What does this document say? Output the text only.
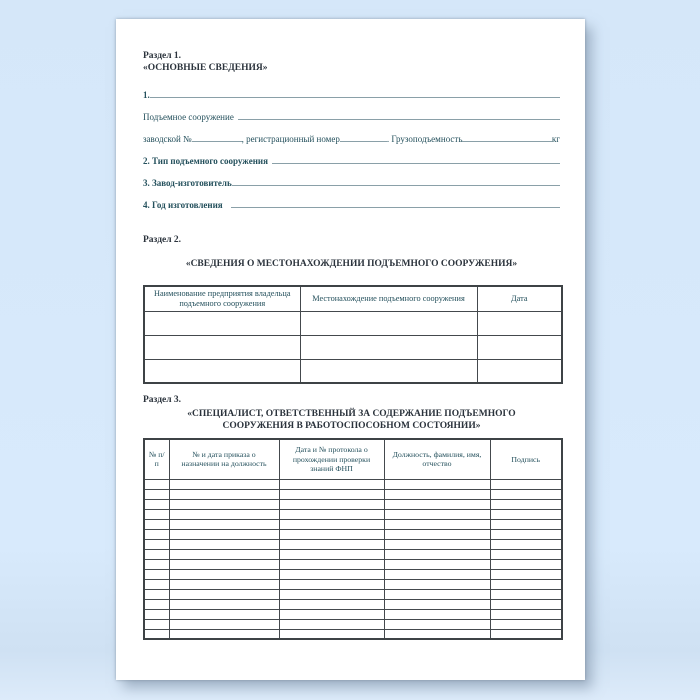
Раздел 1.
«ОСНОВНЫЕ СВЕДЕНИЯ»
1.
Подъемное сооружение
заводской №	, регистрационный номер	. Грузоподъемность	кг
2. Тип подъемного сооружения
3. Завод-изготовитель
4. Год изготовления
Раздел 2.
«СВЕДЕНИЯ О МЕСТОНАХОЖДЕНИИ ПОДЪЕМНОГО СООРУЖЕНИЯ»
Наименование предприятия владельца подъемного сооружения	Местонахождение подъемного сооружения	Дата

Раздел 3.
«СПЕЦИАЛИСТ, ОТВЕТСТВЕННЫЙ ЗА СОДЕРЖАНИЕ ПОДЪЕМНОГО СООРУЖЕНИЯ В РАБОТОСПОСОБНОМ СОСТОЯНИИ»
№ п/п	№ и дата приказа о назначении на должность	Дата и № протокола о прохождении проверки знаний ФНП	Должность, фамилия, имя, отчество	Подпись
